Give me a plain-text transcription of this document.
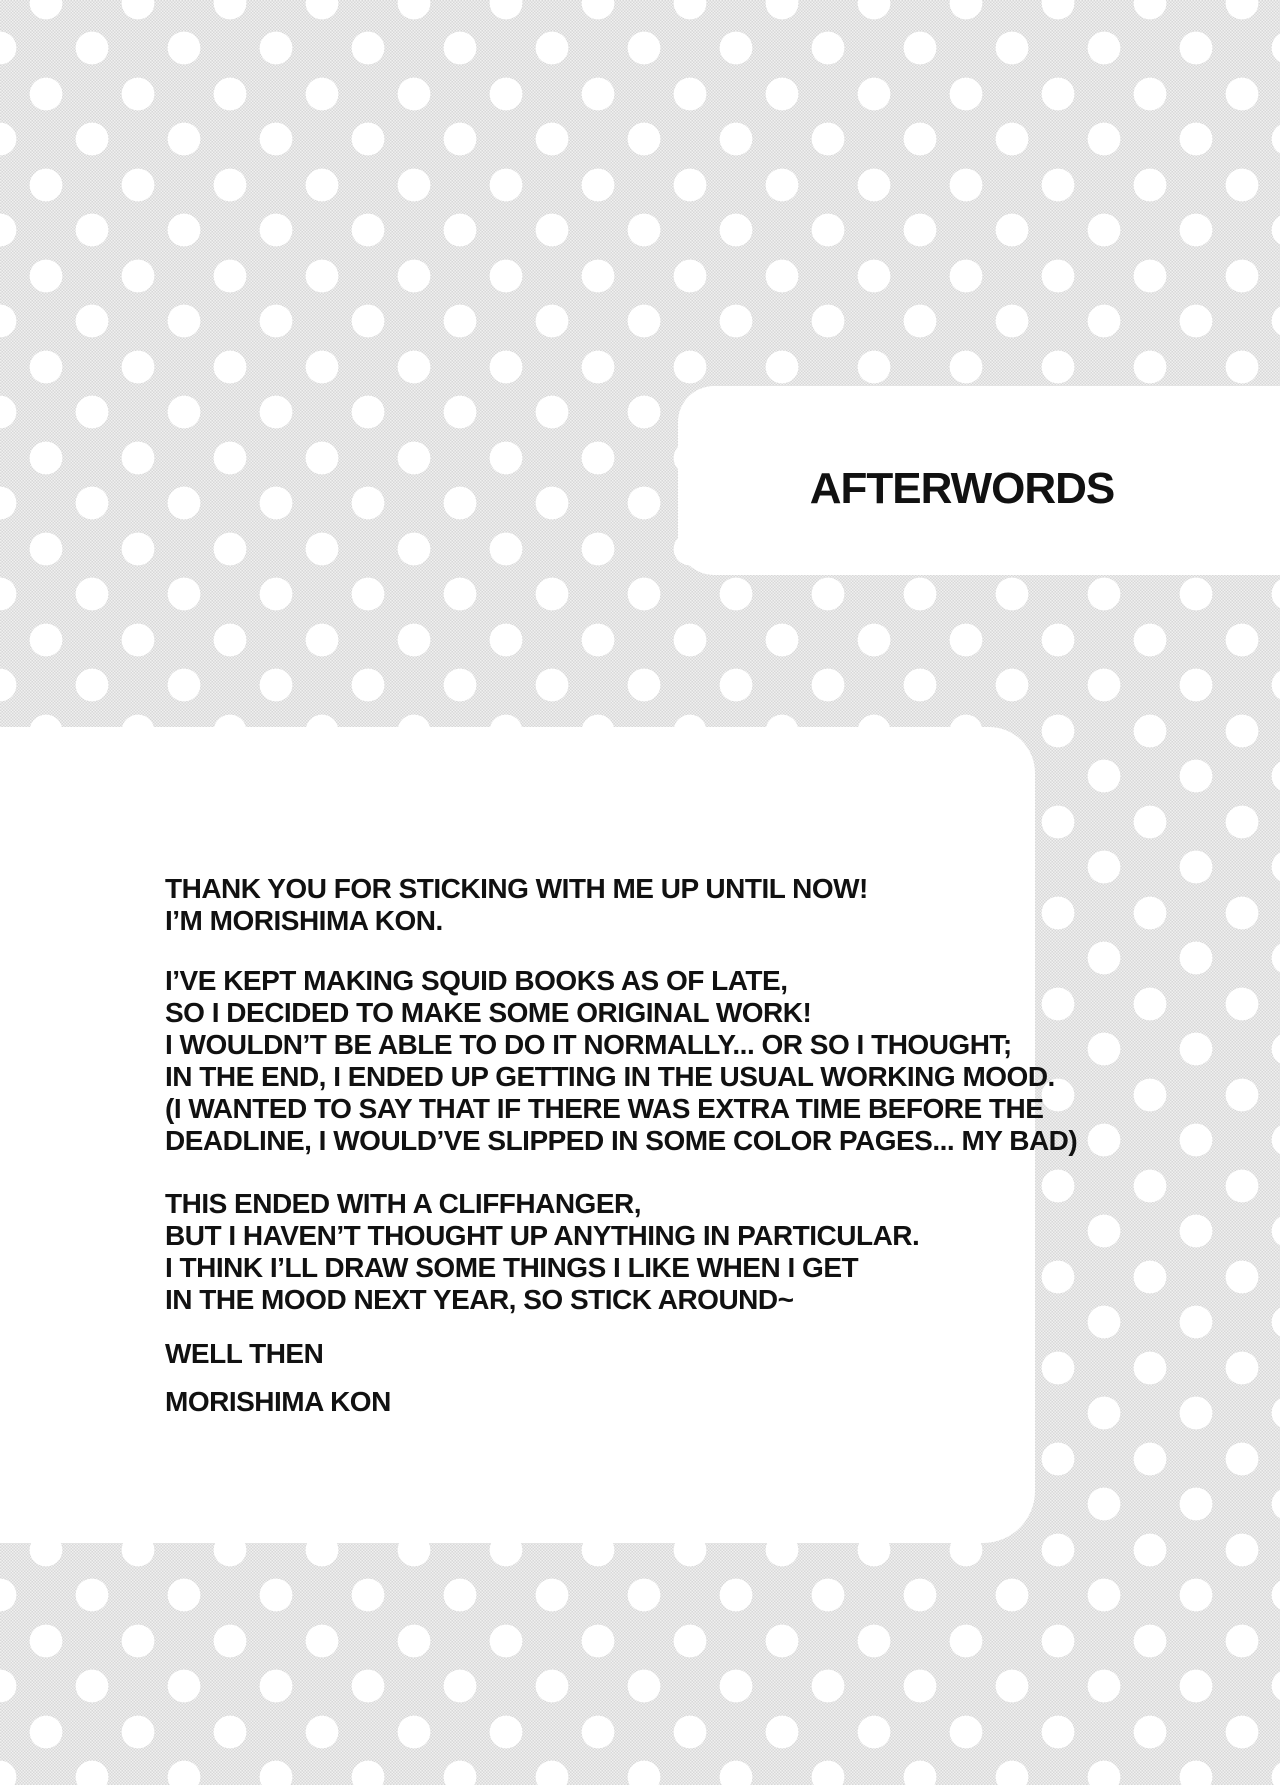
AFTERWORDS

THANK YOU FOR STICKING WITH ME UP UNTIL NOW!
I’M MORISHIMA KON.

I’VE KEPT MAKING SQUID BOOKS AS OF LATE,
SO I DECIDED TO MAKE SOME ORIGINAL WORK!
I WOULDN’T BE ABLE TO DO IT NORMALLY... OR SO I THOUGHT;
IN THE END, I ENDED UP GETTING IN THE USUAL WORKING MOOD.
(I WANTED TO SAY THAT IF THERE WAS EXTRA TIME BEFORE THE
DEADLINE, I WOULD’VE SLIPPED IN SOME COLOR PAGES... MY BAD)

THIS ENDED WITH A CLIFFHANGER,
BUT I HAVEN’T THOUGHT UP ANYTHING IN PARTICULAR.
I THINK I’LL DRAW SOME THINGS I LIKE WHEN I GET
IN THE MOOD NEXT YEAR, SO STICK AROUND~

WELL THEN

MORISHIMA KON
